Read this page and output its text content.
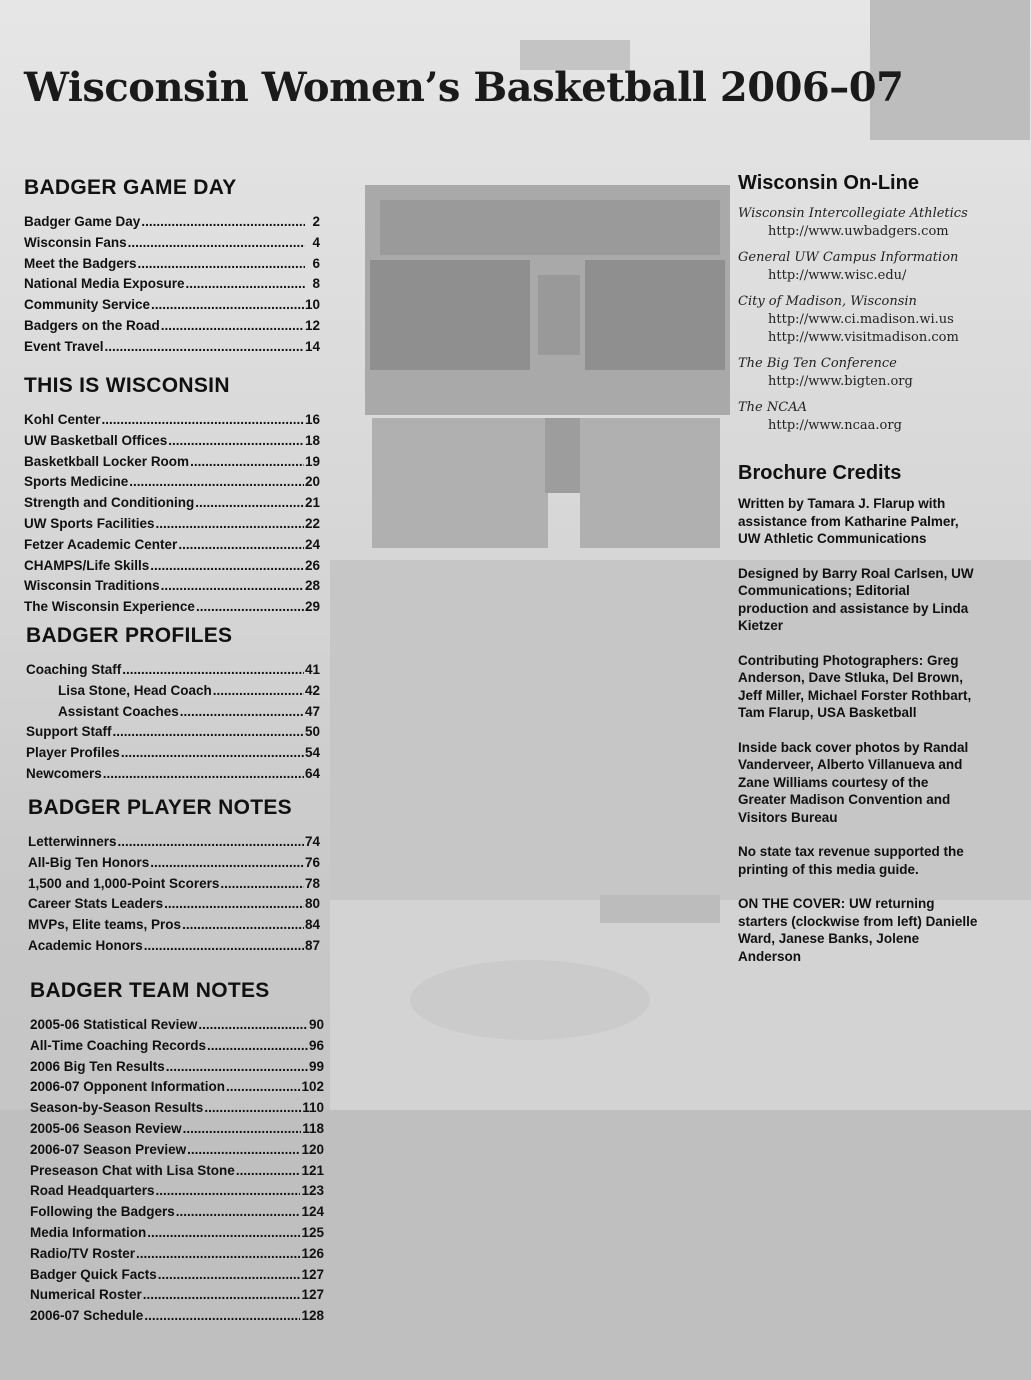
Wisconsin Women’s Basketball 2006–07
BADGER GAME DAY
Badger Game Day .....	2
Wisconsin Fans .....	4
Meet the Badgers .....	6
National Media Exposure .....	8
Community Service .....	10
Badgers on the Road .....	12
Event Travel .....	14
THIS IS WISCONSIN
Kohl Center .....	16
UW Basketball Offices .....	18
Basketkball Locker Room .....	19
Sports Medicine .....	20
Strength and Conditioning .....	21
UW Sports Facilities .....	22
Fetzer Academic Center .....	24
CHAMPS/Life Skills .....	26
Wisconsin Traditions .....	28
The Wisconsin Experience .....	29
BADGER PROFILES
Coaching Staff .....	41
Lisa Stone, Head Coach .....	42
Assistant Coaches .....	47
Support Staff .....	50
Player Profiles .....	54
Newcomers .....	64
BADGER PLAYER NOTES
Letterwinners .....	74
All-Big Ten Honors .....	76
1,500 and 1,000-Point Scorers .....	78
Career Stats Leaders .....	80
MVPs, Elite teams, Pros .....	84
Academic Honors .....	87
BADGER TEAM NOTES
2005-06 Statistical Review .....	90
All-Time Coaching Records .....	96
2006 Big Ten Results .....	99
2006-07 Opponent Information .....	102
Season-by-Season Results .....	110
2005-06 Season Review .....	118
2006-07 Season Preview .....	120
Preseason Chat with Lisa Stone .....	121
Road Headquarters .....	123
Following the Badgers .....	124
Media Information .....	125
Radio/TV Roster .....	126
Badger Quick Facts .....	127
Numerical Roster .....	127
2006-07 Schedule .....	128
Wisconsin On-Line
Wisconsin Intercollegiate Athletics
http://www.uwbadgers.com
General UW Campus Information
http://www.wisc.edu/
City of Madison, Wisconsin
http://www.ci.madison.wi.us
http://www.visitmadison.com
The Big Ten Conference
http://www.bigten.org
The NCAA
http://www.ncaa.org
Brochure Credits
Written by Tamara J. Flarup with assistance from Katharine Palmer, UW Athletic Communications
Designed by Barry Roal Carlsen, UW Communications; Editorial production and assistance by Linda Kietzer
Contributing Photographers: Greg Anderson, Dave Stluka, Del Brown, Jeff Miller, Michael Forster Rothbart, Tam Flarup, USA Basketball
Inside back cover photos by Randal Vanderveer, Alberto Villanueva and Zane Williams courtesy of the Greater Madison Convention and Visitors Bureau
No state tax revenue supported the printing of this media guide.
ON THE COVER: UW returning starters (clockwise from left) Danielle Ward, Janese Banks, Jolene Anderson
